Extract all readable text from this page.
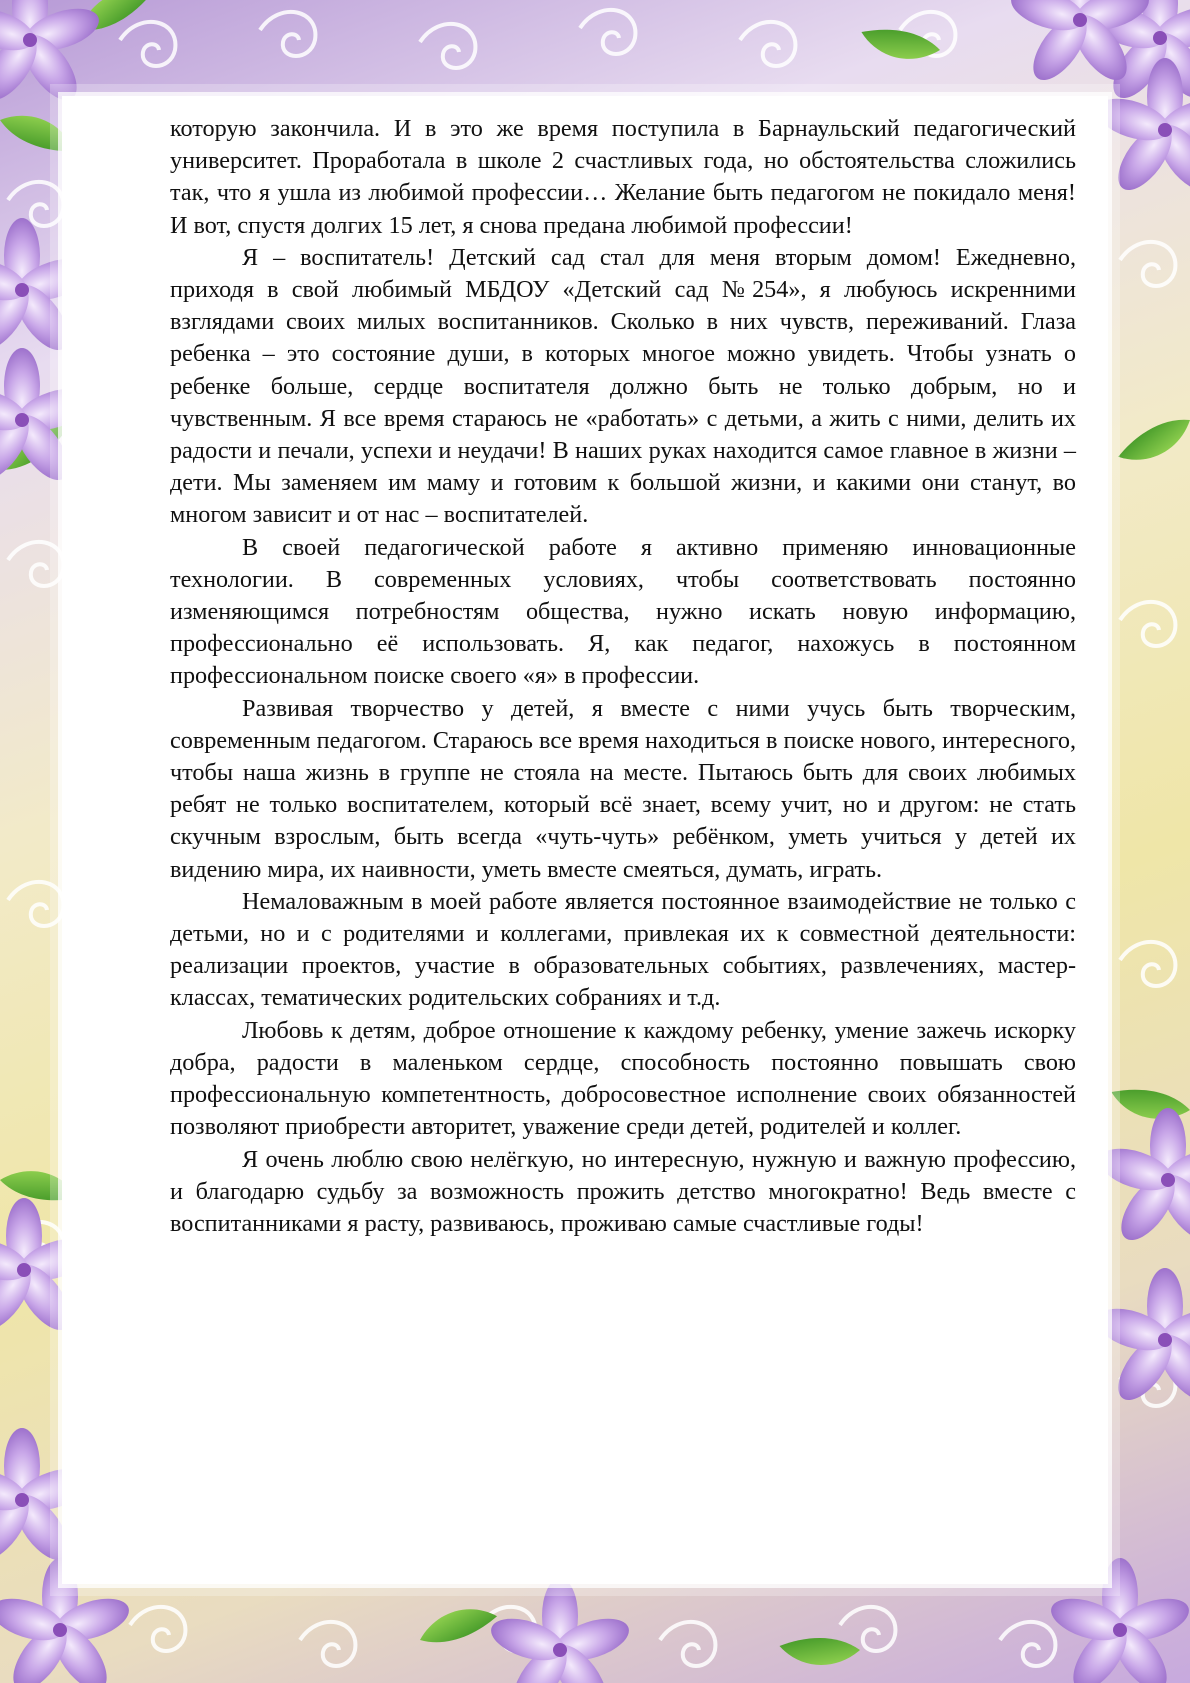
которую закончила. И в это же время поступила в Барнаульский педагогический университет. Проработала в школе 2 счастливых года, но обстоятельства сложились так, что я ушла из любимой профессии… Желание быть педагогом не покидало меня! И вот, спустя долгих 15 лет, я снова предана любимой профессии!

Я – воспитатель! Детский сад стал для меня вторым домом! Ежедневно, приходя в свой любимый МБДОУ «Детский сад №254», я любуюсь искренними взглядами своих милых воспитанников. Сколько в них чувств, переживаний. Глаза ребенка – это состояние души, в которых многое можно увидеть. Чтобы узнать о ребенке больше, сердце воспитателя должно быть не только добрым, но и чувственным. Я все время стараюсь не «работать» с детьми, а жить с ними, делить их радости и печали, успехи и неудачи! В наших руках находится самое главное в жизни – дети. Мы заменяем им маму и готовим к большой жизни, и какими они станут, во многом зависит и от нас – воспитателей.

В своей педагогической работе я активно применяю инновационные технологии. В современных условиях, чтобы соответствовать постоянно изменяющимся потребностям общества, нужно искать новую информацию, профессионально её использовать. Я, как педагог, нахожусь в постоянном профессиональном поиске своего «я» в профессии.

Развивая творчество у детей, я вместе с ними учусь быть творческим, современным педагогом. Стараюсь все время находиться в поиске нового, интересного, чтобы наша жизнь в группе не стояла на месте. Пытаюсь быть для своих любимых ребят не только воспитателем, который всё знает, всему учит, но и другом: не стать скучным взрослым, быть всегда «чуть-чуть» ребёнком, уметь учиться у детей их видению мира, их наивности, уметь вместе смеяться, думать, играть.

Немаловажным в моей работе является постоянное взаимодействие не только с детьми, но и с родителями и коллегами, привлекая их к совместной деятельности: реализации проектов, участие в образовательных событиях, развлечениях, мастер-классах, тематических родительских собраниях и т.д.

Любовь к детям, доброе отношение к каждому ребенку, умение зажечь искорку добра, радости в маленьком сердце, способность постоянно повышать свою профессиональную компетентность, добросовестное исполнение своих обязанностей позволяют приобрести авторитет, уважение среди детей, родителей и коллег.

Я очень люблю свою нелёгкую, но интересную, нужную и важную профессию, и благодарю судьбу за возможность прожить детство многократно! Ведь вместе с воспитанниками я расту, развиваюсь, проживаю самые счастливые годы!
